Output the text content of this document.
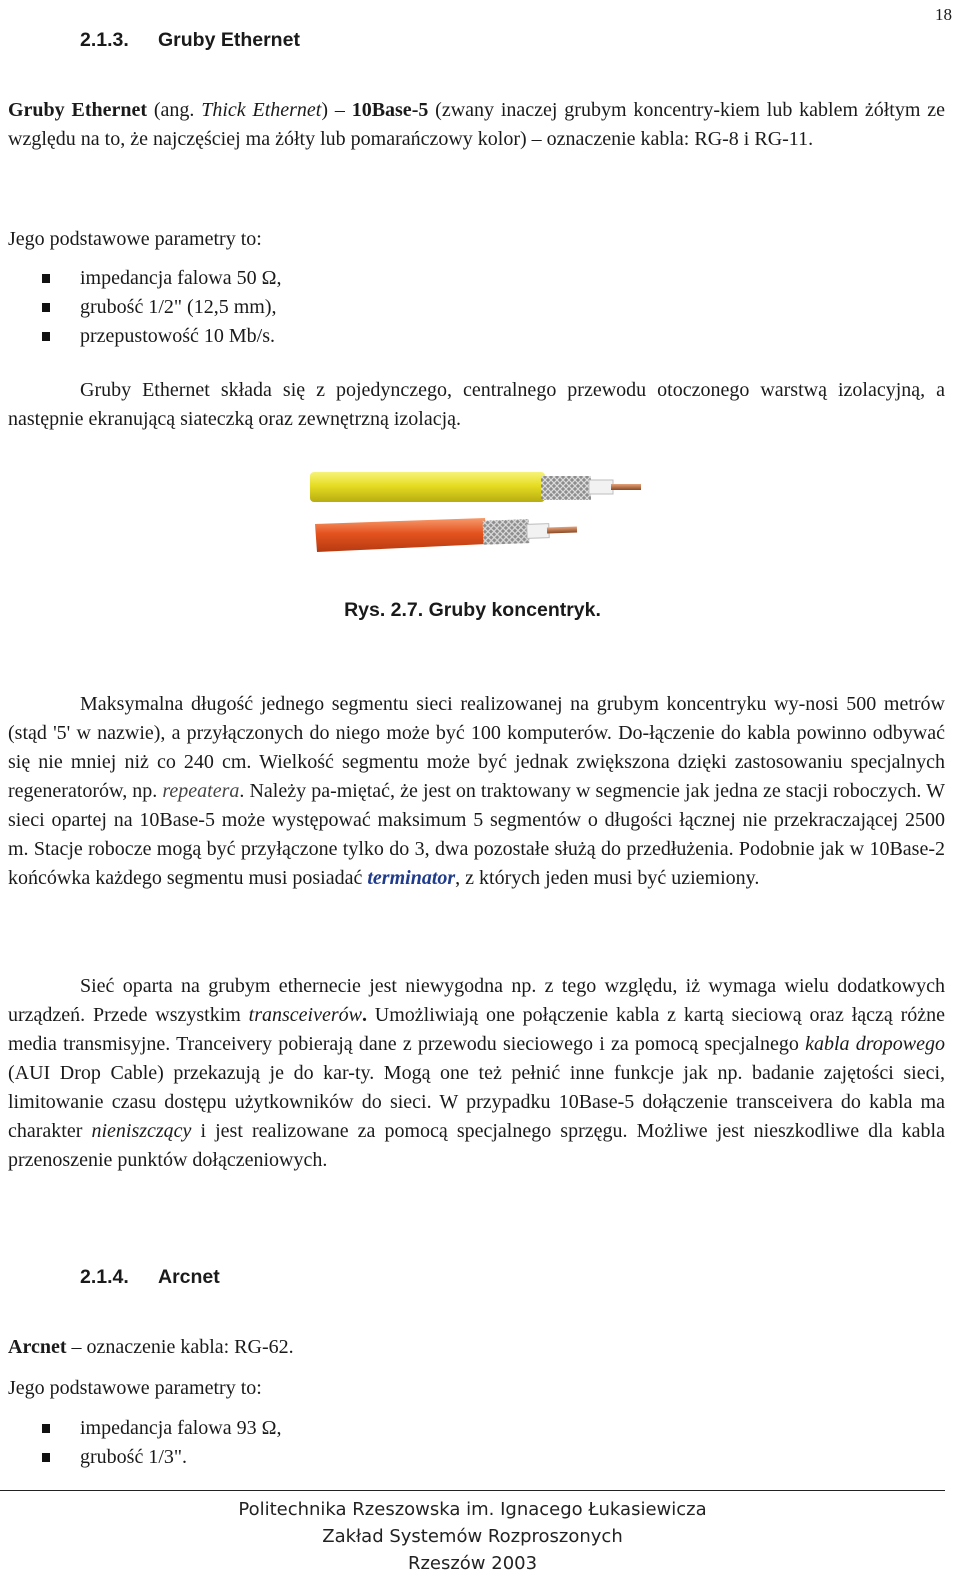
18
2.1.3. Gruby Ethernet

Gruby Ethernet (ang. Thick Ethernet) – 10Base-5 (zwany inaczej grubym koncentry-kiem lub kablem żółtym ze względu na to, że najczęściej ma żółty lub pomarańczowy kolor) – oznaczenie kabla: RG-8 i RG-11.

Jego podstawowe parametry to:

impedancja falowa 50 Ω,
grubość 1/2" (12,5 mm),
przepustowość 10 Mb/s.

Gruby Ethernet składa się z pojedynczego, centralnego przewodu otoczonego warstwą izolacyjną, a następnie ekranującą siateczką oraz zewnętrzną izolacją.

Rys. 2.7. Gruby koncentryk.

Maksymalna długość jednego segmentu sieci realizowanej na grubym koncentryku wy-nosi 500 metrów (stąd '5' w nazwie), a przyłączonych do niego może być 100 komputerów. Do-łączenie do kabla powinno odbywać się nie mniej niż co 240 cm. Wielkość segmentu może być jednak zwiększona dzięki zastosowaniu specjalnych regeneratorów, np. repeatera. Należy pa-miętać, że jest on traktowany w segmencie jak jedna ze stacji roboczych. W sieci opartej na 10Base-5 może występować maksimum 5 segmentów o długości łącznej nie przekraczającej 2500 m. Stacje robocze mogą być przyłączone tylko do 3, dwa pozostałe służą do przedłużenia. Podobnie jak w 10Base-2 końcówka każdego segmentu musi posiadać terminator, z których jeden musi być uziemiony.

Sieć oparta na grubym ethernecie jest niewygodna np. z tego względu, iż wymaga wielu dodatkowych urządzeń. Przede wszystkim transceiverów. Umożliwiają one połączenie kabla z kartą sieciową oraz łączą różne media transmisyjne. Tranceivery pobierają dane z przewodu sieciowego i za pomocą specjalnego kabla dropowego (AUI Drop Cable) przekazują je do kar-ty. Mogą one też pełnić inne funkcje jak np. badanie zajętości sieci, limitowanie czasu dostępu użytkowników do sieci. W przypadku 10Base-5 dołączenie transceivera do kabla ma charakter nieniszczący i jest realizowane za pomocą specjalnego sprzęgu. Możliwe jest nieszkodliwe dla kabla przenoszenie punktów dołączeniowych.

2.1.4. Arcnet

Arcnet – oznaczenie kabla: RG-62.

Jego podstawowe parametry to:

impedancja falowa 93 Ω,
grubość 1/3".
Politechnika Rzeszowska im. Ignacego Łukasiewicza
Zakład Systemów Rozproszonych
Rzeszów 2003
